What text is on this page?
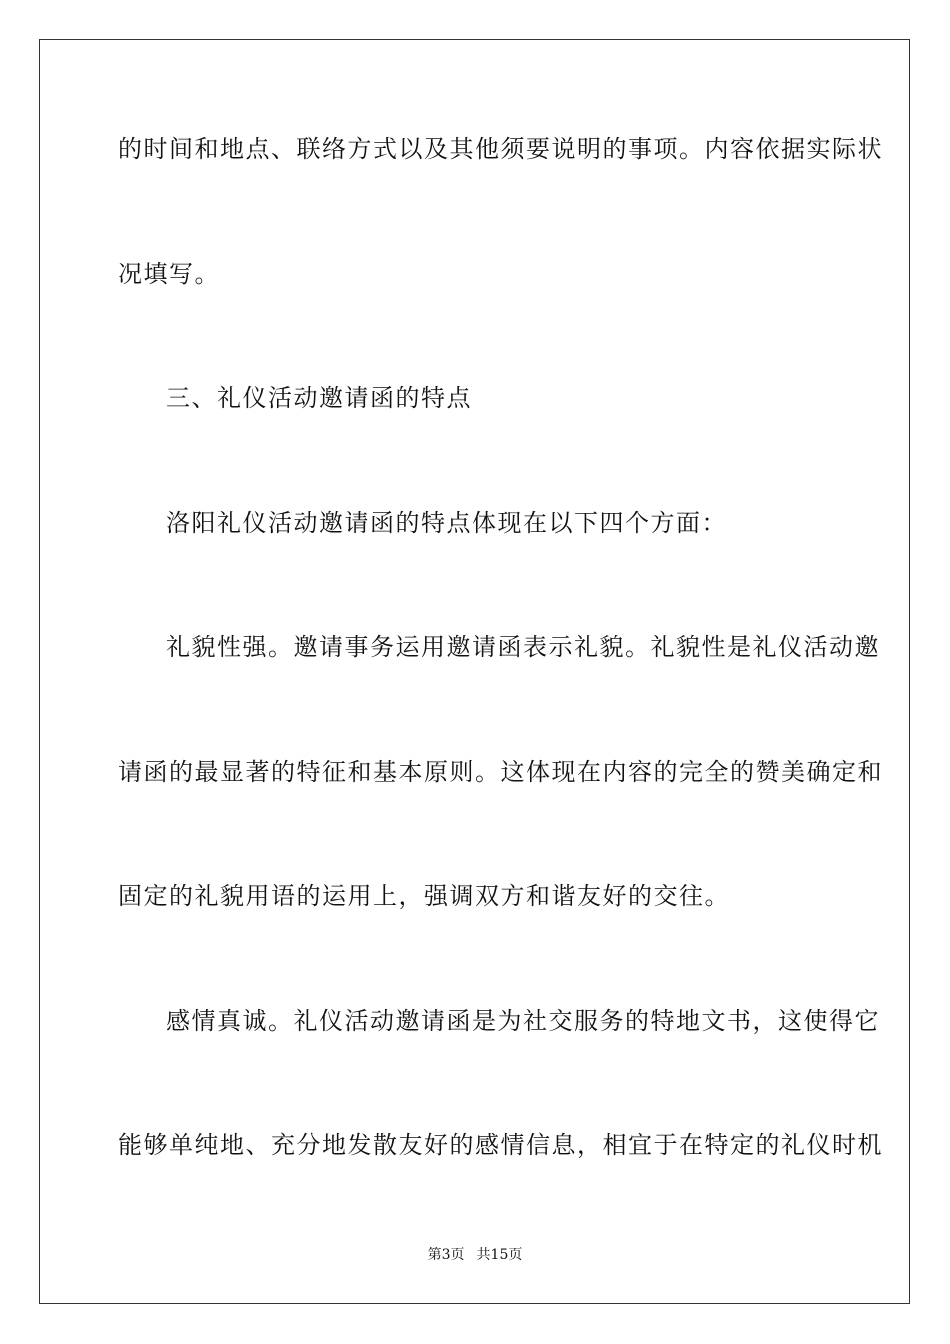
的时间和地点、联络方式以及其他须要说明的事项。内容依据实际状
况填写。
三、礼仪活动邀请函的特点
洛阳礼仪活动邀请函的特点体现在以下四个方面：
礼貌性强。邀请事务运用邀请函表示礼貌。礼貌性是礼仪活动邀
请函的最显著的特征和基本原则。这体现在内容的完全的赞美确定和
固定的礼貌用语的运用上，强调双方和谐友好的交往。
感情真诚。礼仪活动邀请函是为社交服务的特地文书，这使得它
能够单纯地、充分地发散友好的感情信息，相宜于在特定的礼仪时机
第3页 共15页
